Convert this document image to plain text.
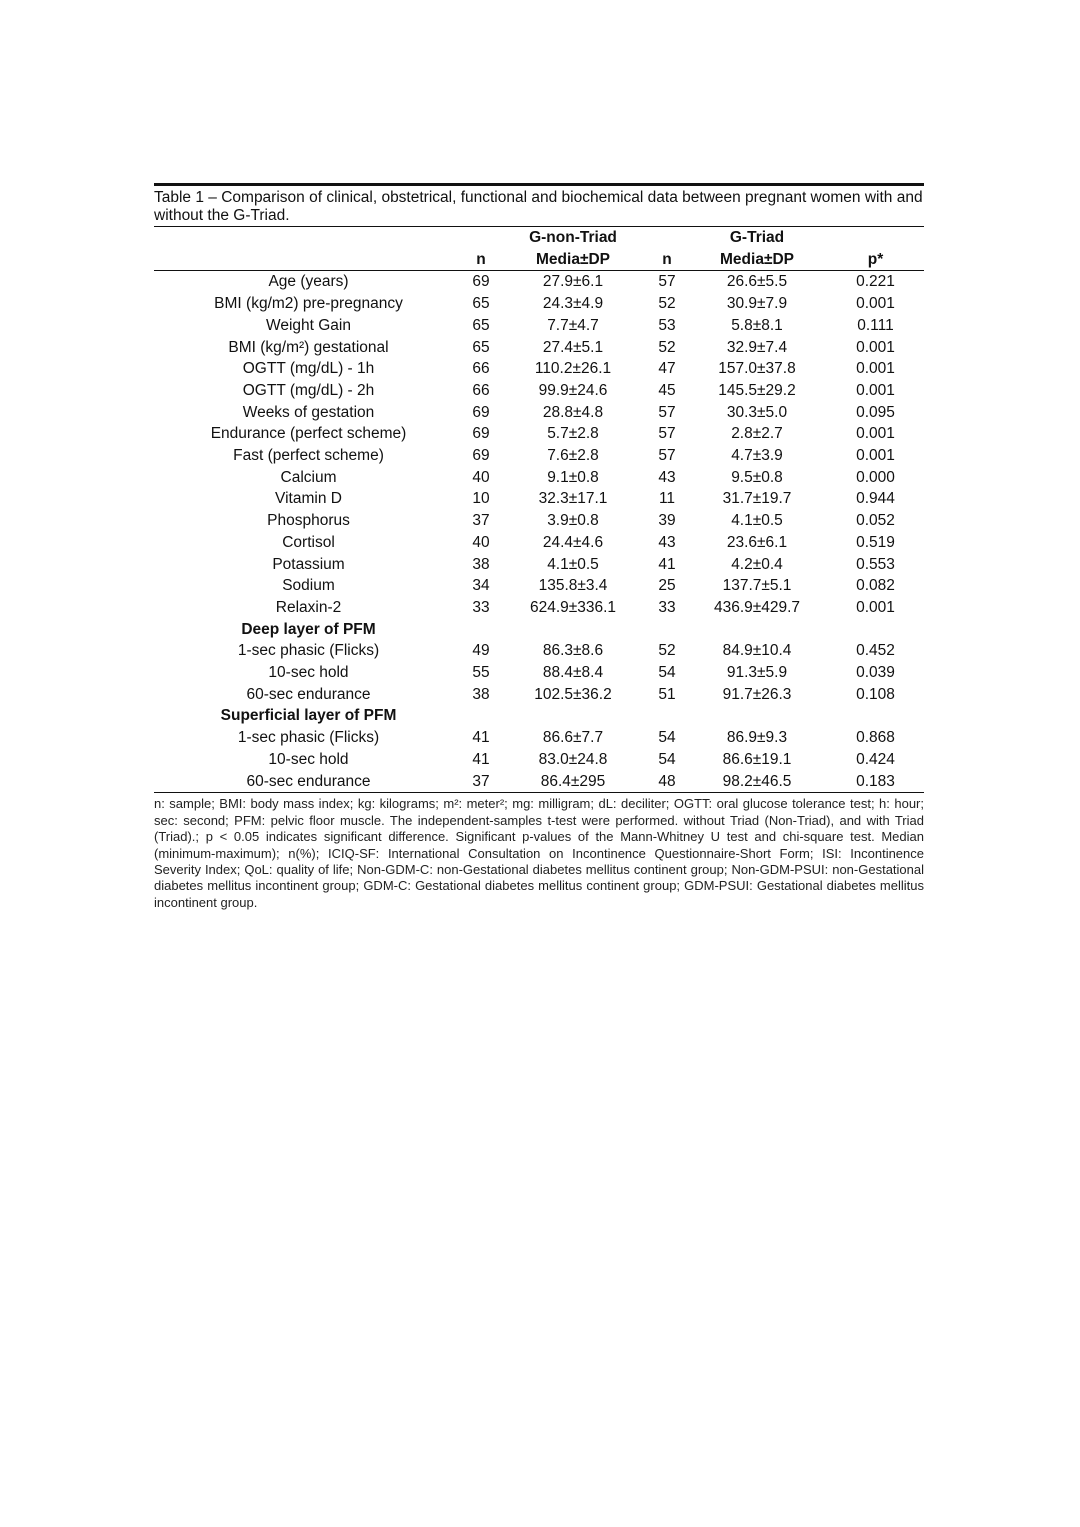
Table 1 – Comparison of clinical, obstetrical, functional and biochemical data between pregnant women with and without the G-Triad.
		G-non-Triad		G-Triad	
	n	Media±DP	n	Media±DP	p*
Age (years)	69	27.9±6.1	57	26.6±5.5	0.221
BMI (kg/m2) pre-pregnancy	65	24.3±4.9	52	30.9±7.9	0.001
Weight Gain	65	7.7±4.7	53	5.8±8.1	0.111
BMI (kg/m²) gestational	65	27.4±5.1	52	32.9±7.4	0.001
OGTT (mg/dL) - 1h	66	110.2±26.1	47	157.0±37.8	0.001
OGTT (mg/dL) - 2h	66	99.9±24.6	45	145.5±29.2	0.001
Weeks of gestation	69	28.8±4.8	57	30.3±5.0	0.095
Endurance (perfect scheme)	69	5.7±2.8	57	2.8±2.7	0.001
Fast (perfect scheme)	69	7.6±2.8	57	4.7±3.9	0.001
Calcium	40	9.1±0.8	43	9.5±0.8	0.000
Vitamin D	10	32.3±17.1	11	31.7±19.7	0.944
Phosphorus	37	3.9±0.8	39	4.1±0.5	0.052
Cortisol	40	24.4±4.6	43	23.6±6.1	0.519
Potassium	38	4.1±0.5	41	4.2±0.4	0.553
Sodium	34	135.8±3.4	25	137.7±5.1	0.082
Relaxin-2	33	624.9±336.1	33	436.9±429.7	0.001
Deep layer of PFM					
1-sec phasic (Flicks)	49	86.3±8.6	52	84.9±10.4	0.452
10-sec hold	55	88.4±8.4	54	91.3±5.9	0.039
60-sec endurance	38	102.5±36.2	51	91.7±26.3	0.108
Superficial layer of PFM					
1-sec phasic (Flicks)	41	86.6±7.7	54	86.9±9.3	0.868
10-sec hold	41	83.0±24.8	54	86.6±19.1	0.424
60-sec endurance	37	86.4±295	48	98.2±46.5	0.183
n: sample; BMI: body mass index; kg: kilograms; m²: meter²; mg: milligram; dL: deciliter; OGTT: oral glucose tolerance test; h: hour; sec: second; PFM: pelvic floor muscle. The independent-samples t-test were performed. without Triad (Non-Triad), and with Triad (Triad).; p < 0.05 indicates significant difference. Significant p-values of the Mann-Whitney U test and chi-square test. Median (minimum-maximum); n(%); ICIQ-SF: International Consultation on Incontinence Questionnaire-Short Form; ISI: Incontinence Severity Index; QoL: quality of life; Non-GDM-C: non-Gestational diabetes mellitus continent group; Non-GDM-PSUI: non-Gestational diabetes mellitus incontinent group; GDM-C: Gestational diabetes mellitus continent group; GDM-PSUI: Gestational diabetes mellitus incontinent group.
